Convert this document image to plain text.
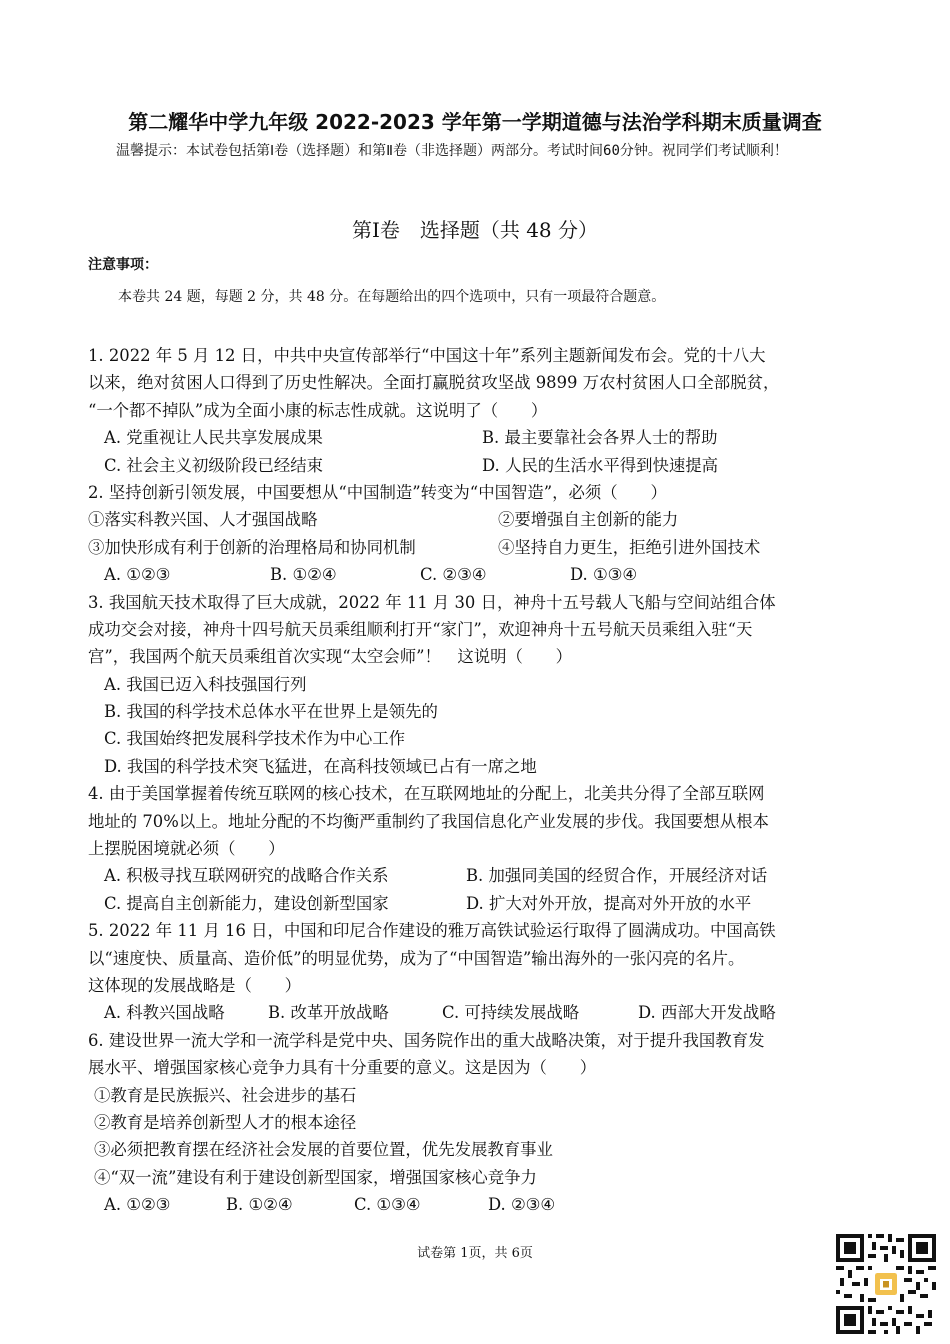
第二耀华中学九年级 2022-2023 学年第一学期道德与法治学科期末质量调查
温馨提示：本试卷包括第Ⅰ卷（选择题）和第Ⅱ卷（非选择题）两部分。考试时间60分钟。祝同学们考试顺利！
第Ⅰ卷　选择题（共 48 分）
注意事项：
本卷共 24 题，每题 2 分，共 48 分。在每题给出的四个选项中，只有一项最符合题意。
1. 2022 年 5 月 12 日，中共中央宣传部举行“中国这十年”系列主题新闻发布会。党的十八大
以来，绝对贫困人口得到了历史性解决。全面打赢脱贫攻坚战 9899 万农村贫困人口全部脱贫，
“一个都不掉队”成为全面小康的标志性成就。这说明了（　　）
A. 党重视让人民共享发展成果	B. 最主要靠社会各界人士的帮助
C. 社会主义初级阶段已经结束	D. 人民的生活水平得到快速提高
2. 坚持创新引领发展，中国要想从“中国制造”转变为“中国智造”，必须（　　）
①落实科教兴国、人才强国战略	②要增强自主创新的能力
③加快形成有利于创新的治理格局和协同机制	④坚持自力更生，拒绝引进外国技术
A. ①②③	B. ①②④	C. ②③④	D. ①③④
3. 我国航天技术取得了巨大成就，2022 年 11 月 30 日，神舟十五号载人飞船与空间站组合体
成功交会对接，神舟十四号航天员乘组顺利打开“家门”，欢迎神舟十五号航天员乘组入驻“天
宫”，我国两个航天员乘组首次实现“太空会师”！　这说明（　　）
A. 我国已迈入科技强国行列
B. 我国的科学技术总体水平在世界上是领先的
C. 我国始终把发展科学技术作为中心工作
D. 我国的科学技术突飞猛进，在高科技领域已占有一席之地
4. 由于美国掌握着传统互联网的核心技术，在互联网地址的分配上，北美共分得了全部互联网
地址的 70%以上。地址分配的不均衡严重制约了我国信息化产业发展的步伐。我国要想从根本
上摆脱困境就必须（　　）
A. 积极寻找互联网研究的战略合作关系	B. 加强同美国的经贸合作，开展经济对话
C. 提高自主创新能力，建设创新型国家	D. 扩大对外开放，提高对外开放的水平
5. 2022 年 11 月 16 日，中国和印尼合作建设的雅万高铁试验运行取得了圆满成功。中国高铁
以“速度快、质量高、造价低”的明显优势，成为了“中国智造”输出海外的一张闪亮的名片。
这体现的发展战略是（　　）
A. 科教兴国战略	B. 改革开放战略	C. 可持续发展战略	D. 西部大开发战略
6. 建设世界一流大学和一流学科是党中央、国务院作出的重大战略决策，对于提升我国教育发
展水平、增强国家核心竞争力具有十分重要的意义。这是因为（　　）
①教育是民族振兴、社会进步的基石
②教育是培养创新型人才的根本途径
③必须把教育摆在经济社会发展的首要位置，优先发展教育事业
④“双一流”建设有利于建设创新型国家，增强国家核心竞争力
A. ①②③	B. ①②④	C. ①③④	D. ②③④
试卷第 1页，共 6页
